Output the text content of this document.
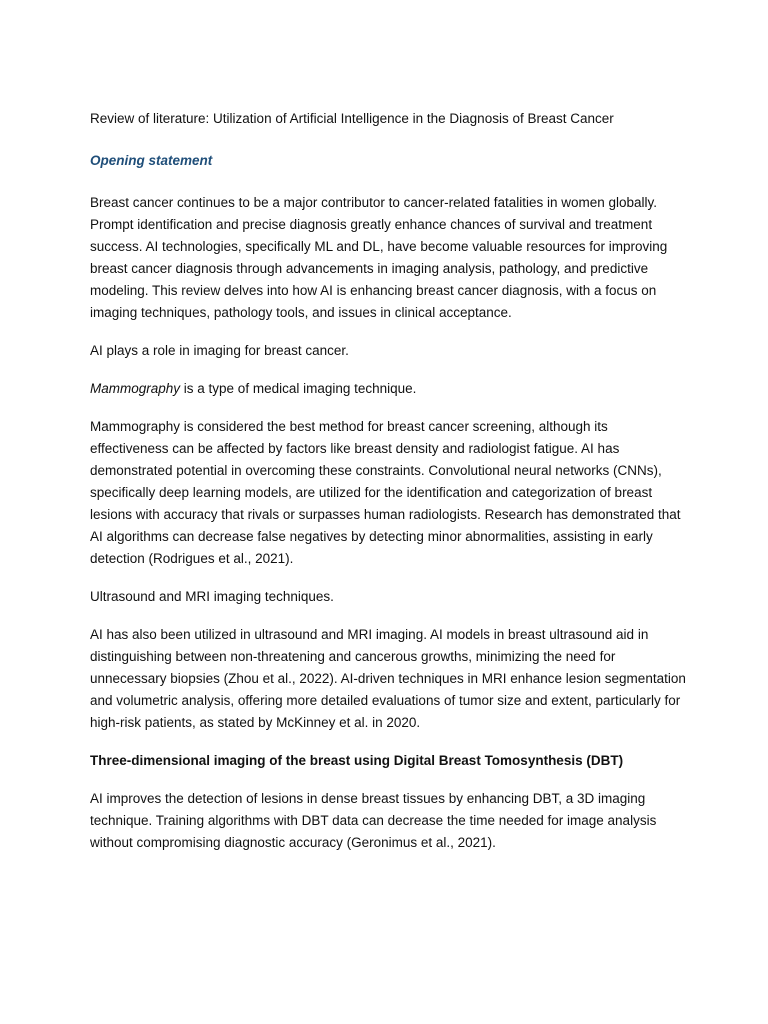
Review of literature: Utilization of Artificial Intelligence in the Diagnosis of Breast Cancer

Opening statement

Breast cancer continues to be a major contributor to cancer-related fatalities in women globally. Prompt identification and precise diagnosis greatly enhance chances of survival and treatment success. AI technologies, specifically ML and DL, have become valuable resources for improving breast cancer diagnosis through advancements in imaging analysis, pathology, and predictive modeling. This review delves into how AI is enhancing breast cancer diagnosis, with a focus on imaging techniques, pathology tools, and issues in clinical acceptance.

AI plays a role in imaging for breast cancer.

Mammography is a type of medical imaging technique.

Mammography is considered the best method for breast cancer screening, although its effectiveness can be affected by factors like breast density and radiologist fatigue. AI has demonstrated potential in overcoming these constraints. Convolutional neural networks (CNNs), specifically deep learning models, are utilized for the identification and categorization of breast lesions with accuracy that rivals or surpasses human radiologists. Research has demonstrated that AI algorithms can decrease false negatives by detecting minor abnormalities, assisting in early detection (Rodrigues et al., 2021).

Ultrasound and MRI imaging techniques.

AI has also been utilized in ultrasound and MRI imaging. AI models in breast ultrasound aid in distinguishing between non-threatening and cancerous growths, minimizing the need for unnecessary biopsies (Zhou et al., 2022). AI-driven techniques in MRI enhance lesion segmentation and volumetric analysis, offering more detailed evaluations of tumor size and extent, particularly for high-risk patients, as stated by McKinney et al. in 2020.

Three-dimensional imaging of the breast using Digital Breast Tomosynthesis (DBT)

AI improves the detection of lesions in dense breast tissues by enhancing DBT, a 3D imaging technique. Training algorithms with DBT data can decrease the time needed for image analysis without compromising diagnostic accuracy (Geronimus et al., 2021).
